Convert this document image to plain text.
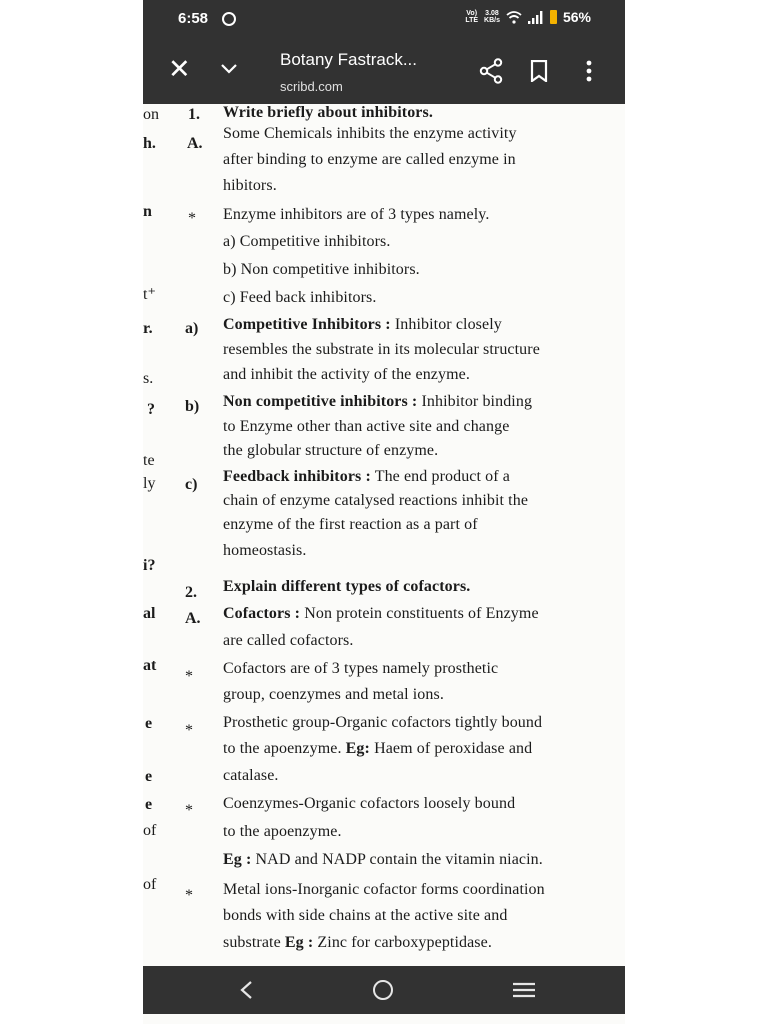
6:58	Vo)
LTE
3.08
KB/s	56%
✕	Botany Fastrack...
scribd.com
on
h.
n
t⁺
r.
s.
?
te
ly
i?
al
at
e
e
e
of
of
1. Write briefly about inhibitors.
A.
Some Chemicals inhibits the enzyme activity
after binding to enzyme are called enzyme in
hibitors.
* Enzyme inhibitors are of 3 types namely.
a) Competitive inhibitors.
b) Non competitive inhibitors.
c) Feed back inhibitors.
a) Competitive Inhibitors : Inhibitor closely
resembles the substrate in its molecular structure
and inhibit the activity of the enzyme.
b) Non competitive inhibitors : Inhibitor binding
to Enzyme other than active site and change
the globular structure of enzyme.
c) Feedback inhibitors : The end product of a
chain of enzyme catalysed reactions inhibit the
enzyme of the first reaction as a part of
homeostasis.
2. Explain different types of cofactors.
A. Cofactors : Non protein constituents of Enzyme
are called cofactors.
* Cofactors are of 3 types namely prosthetic
group, coenzymes and metal ions.
* Prosthetic group-Organic cofactors tightly bound
to the apoenzyme. Eg: Haem of peroxidase and
catalase.
* Coenzymes-Organic cofactors loosely bound
to the apoenzyme.
Eg : NAD and NADP contain the vitamin niacin.
* Metal ions-Inorganic cofactor forms coordination
bonds with side chains at the active site and
substrate Eg : Zinc for carboxypeptidase.
